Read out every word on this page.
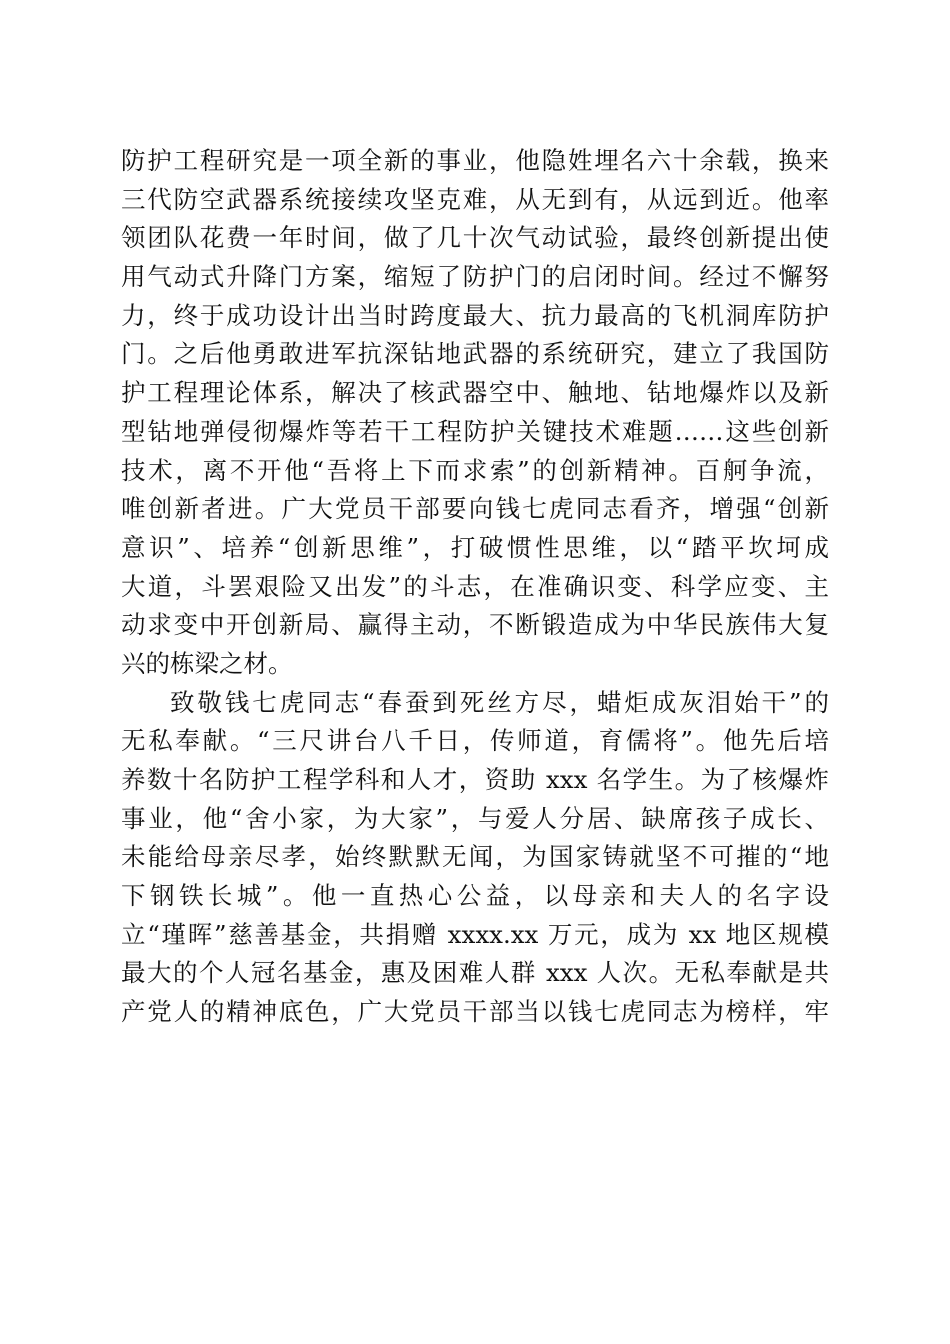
防护工程研究是一项全新的事业，他隐姓埋名六十余载，换来
三代防空武器系统接续攻坚克难，从无到有，从远到近。他率
领团队花费一年时间，做了几十次气动试验，最终创新提出使
用气动式升降门方案，缩短了防护门的启闭时间。经过不懈努
力，终于成功设计出当时跨度最大、抗力最高的飞机洞库防护
门。之后他勇敢进军抗深钻地武器的系统研究，建立了我国防
护工程理论体系，解决了核武器空中、触地、钻地爆炸以及新
型钻地弹侵彻爆炸等若干工程防护关键技术难题……这些创新
技术，离不开他“吾将上下而求索”的创新精神。百舸争流，
唯创新者进。广大党员干部要向钱七虎同志看齐，增强“创新
意识”、培养“创新思维”，打破惯性思维，以“踏平坎坷成
大道，斗罢艰险又出发”的斗志，在准确识变、科学应变、主
动求变中开创新局、赢得主动，不断锻造成为中华民族伟大复
兴的栋梁之材。
致敬钱七虎同志“春蚕到死丝方尽，蜡炬成灰泪始干”的
无私奉献。“三尺讲台八千日，传师道，育儒将”。他先后培
养数十名防护工程学科和人才，资助 xxx 名学生。为了核爆炸
事业，他“舍小家，为大家”，与爱人分居、缺席孩子成长、
未能给母亲尽孝，始终默默无闻，为国家铸就坚不可摧的“地
下钢铁长城”。他一直热心公益，以母亲和夫人的名字设
立“瑾晖”慈善基金，共捐赠 xxxx.xx 万元，成为 xx 地区规模
最大的个人冠名基金，惠及困难人群 xxx 人次。无私奉献是共
产党人的精神底色，广大党员干部当以钱七虎同志为榜样，牢
